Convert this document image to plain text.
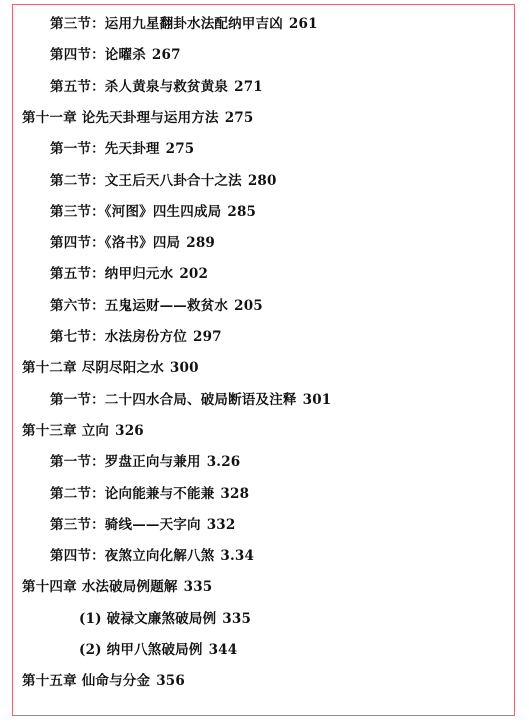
第三节：运用九星翻卦水法配纳甲吉凶 261
第四节：论曜杀 267
第五节：杀人黄泉与救贫黄泉 271
第十一章 论先天卦理与运用方法 275
第一节：先天卦理 275
第二节：文王后天八卦合十之法 280
第三节：《河图》四生四成局 285
第四节：《洛书》四局 289
第五节：纳甲归元水 202
第六节：五鬼运财——救贫水 205
第七节：水法房份方位 297
第十二章 尽阴尽阳之水 300
第一节：二十四水合局、破局断语及注释 301
第十三章 立向 326
第一节：罗盘正向与兼用 3.26
第二节：论向能兼与不能兼 328
第三节：骑线——天字向 332
第四节：夜煞立向化解八煞 3.34
第十四章 水法破局例题解 335
(1) 破禄文廉煞破局例 335
(2) 纳甲八煞破局例 344
第十五章 仙命与分金 356
